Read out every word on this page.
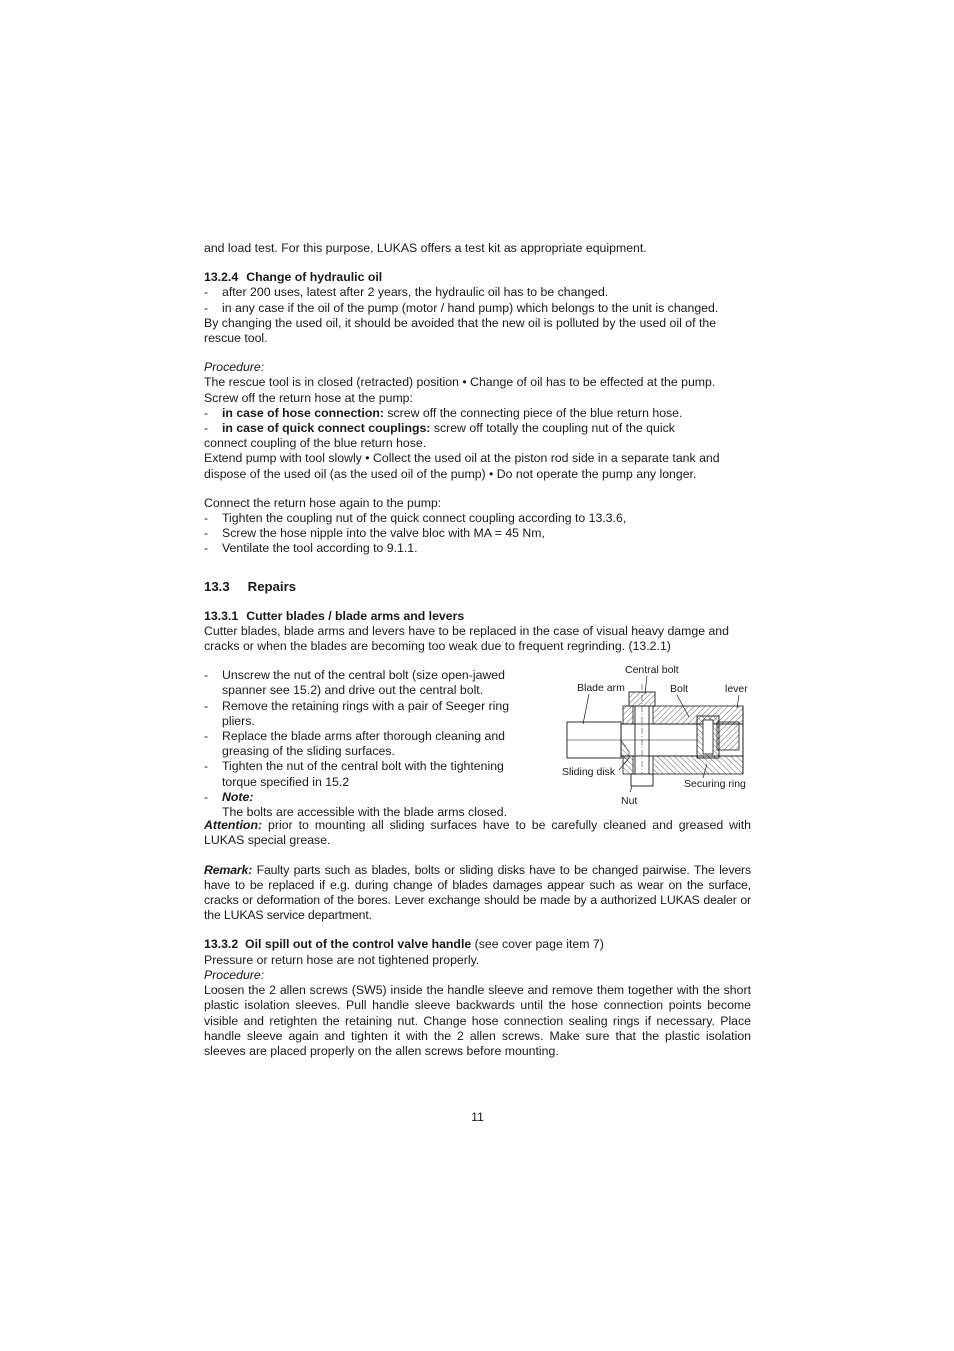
and load test. For this purpose, LUKAS offers a test kit as appropriate equipment.

13.2.4 Change of hydraulic oil
-	after 200 uses, latest after 2 years, the hydraulic oil has to be changed.
-	in any case if the oil of the pump (motor / hand pump) which belongs to the unit is changed.

By changing the used oil, it should be avoided that the new oil is polluted by the used oil of the rescue tool.

Procedure:

The rescue tool is in closed (retracted) position • Change of oil has to be effected at the pump. Screw off the return hose at the pump:

-	in case of hose connection: screw off the connecting piece of the blue return hose.
-	in case of quick connect couplings: screw off totally the coupling nut of the quick

connect coupling of the blue return hose.

Extend pump with tool slowly • Collect the used oil at the piston rod side in a separate tank and dispose of the used oil (as the used oil of the pump) • Do not operate the pump any longer.

Connect the return hose again to the pump:

-	Tighten the coupling nut of the quick connect coupling according to 13.3.6,
-	Screw the hose nipple into the valve bloc with MA = 45 Nm,
-	Ventilate the tool according to 9.1.1.
13.3 Repairs
13.3.1 Cutter blades / blade arms and levers

Cutter blades, blade arms and levers have to be replaced in the case of visual heavy damge and cracks or when the blades are becoming too weak due to frequent regrinding. (13.2.1)

-	Unscrew the nut of the central bolt (size open-jawed spanner see 15.2) and drive out the central bolt.
-	Remove the retaining rings with a pair of Seeger ring pliers.
-	Replace the blade arms after thorough cleaning and greasing of the sliding surfaces.
-	Tighten the nut of the central bolt with the tightening torque specified in 15.2
-	Note:
The bolts are accessible with the blade arms closed.
Central bolt
Blade arm	Bolt	lever
Sliding disk
Securing ring
Nut

Attention: prior to mounting all sliding surfaces have to be carefully cleaned and greased with LUKAS special grease.

Remark: Faulty parts such as blades, bolts or sliding disks have to be changed pairwise. The levers have to be replaced if e.g. during change of blades damages appear such as wear on the surface, cracks or deformation of the bores. Lever exchange should be made by a authorized LUKAS dealer or the LUKAS service department.

13.3.2 Oil spill out of the control valve handle (see cover page item 7)

Pressure or return hose are not tightened properly.

Procedure:

Loosen the 2 allen screws (SW5) inside the handle sleeve and remove them together with the short plastic isolation sleeves. Pull handle sleeve backwards until the hose connection points become visible and retighten the retaining nut. Change hose connection sealing rings if necessary. Place handle sleeve again and tighten it with the 2 allen screws. Make sure that the plastic isolation sleeves are placed properly on the allen screws before mounting.

11
